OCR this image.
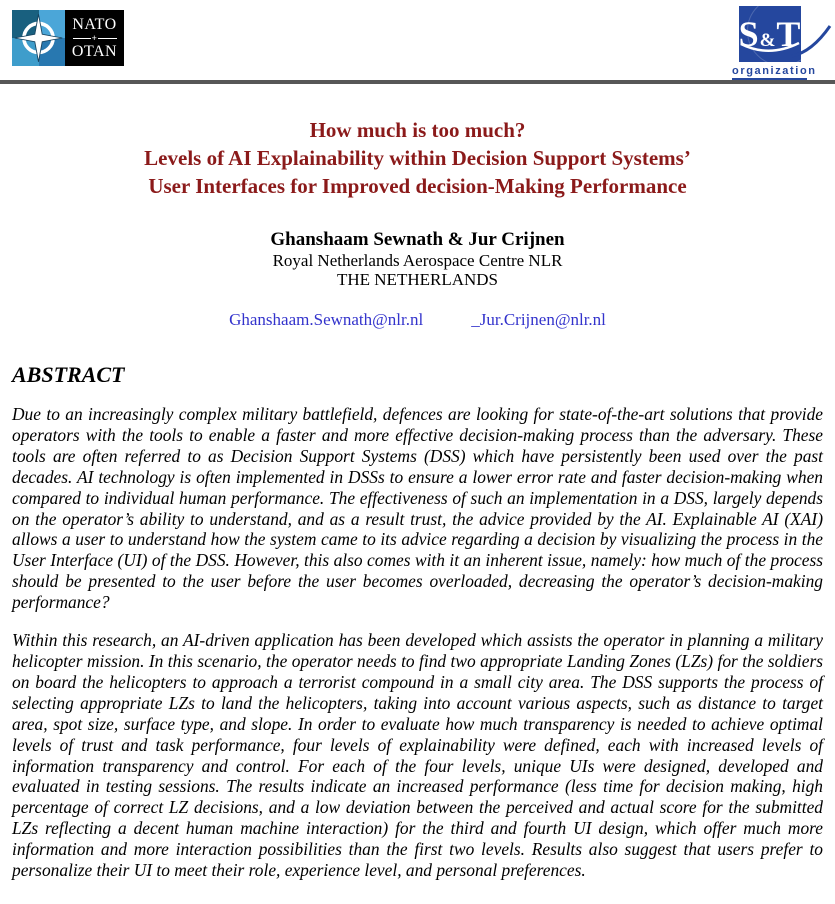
NATO
+
OTAN	S & T
organization
How much is too much?
Levels of AI Explainability within Decision Support Systems’
User Interfaces for Improved decision-Making Performance
Ghanshaam Sewnath & Jur Crijnen
Royal Netherlands Aerospace Centre NLR
THE NETHERLANDS
Ghanshaam.Sewnath@nlr.nl	_Jur.Crijnen@nlr.nl
ABSTRACT

Due to an increasingly complex military battlefield, defences are looking for state-of-the-art solutions that provide operators with the tools to enable a faster and more effective decision-making process than the adversary. These tools are often referred to as Decision Support Systems (DSS) which have persistently been used over the past decades. AI technology is often implemented in DSSs to ensure a lower error rate and faster decision-making when compared to individual human performance. The effectiveness of such an implementation in a DSS, largely depends on the operator’s ability to understand, and as a result trust, the advice provided by the AI. Explainable AI (XAI) allows a user to understand how the system came to its advice regarding a decision by visualizing the process in the User Interface (UI) of the DSS. However, this also comes with it an inherent issue, namely: how much of the process should be presented to the user before the user becomes overloaded, decreasing the operator’s decision-making performance?

Within this research, an AI-driven application has been developed which assists the operator in planning a military helicopter mission. In this scenario, the operator needs to find two appropriate Landing Zones (LZs) for the soldiers on board the helicopters to approach a terrorist compound in a small city area. The DSS supports the process of selecting appropriate LZs to land the helicopters, taking into account various aspects, such as distance to target area, spot size, surface type, and slope. In order to evaluate how much transparency is needed to achieve optimal levels of trust and task performance, four levels of explainability were defined, each with increased levels of information transparency and control. For each of the four levels, unique UIs were designed, developed and evaluated in testing sessions. The results indicate an increased performance (less time for decision making, high percentage of correct LZ decisions, and a low deviation between the perceived and actual score for the submitted LZs reflecting a decent human machine interaction) for the third and fourth UI design, which offer much more information and more interaction possibilities than the first two levels. Results also suggest that users prefer to personalize their UI to meet their role, experience level, and personal preferences.
